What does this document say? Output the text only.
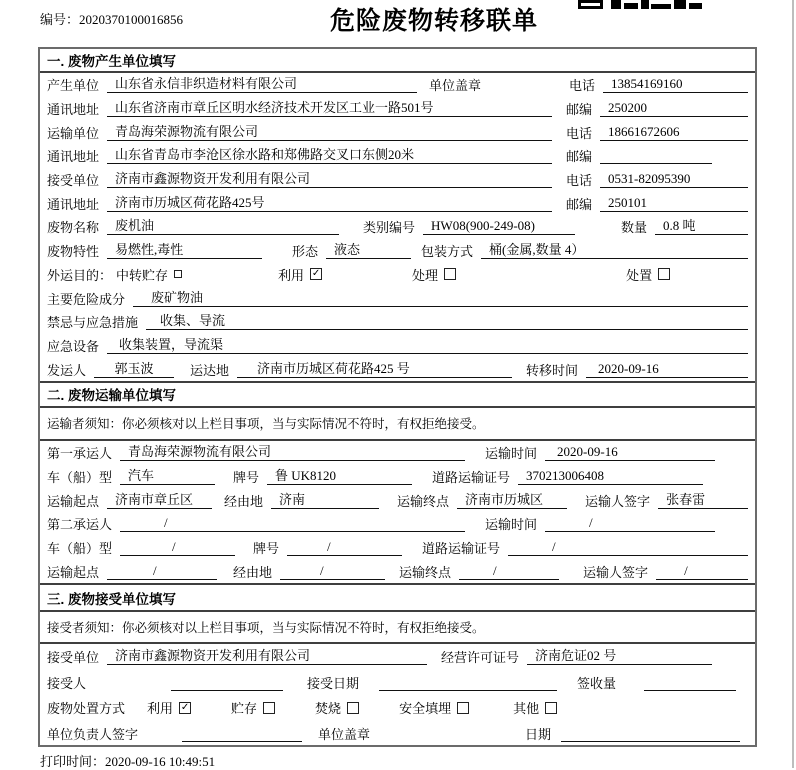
编号：2020370100016856	危险废物转移联单
一. 废物产生单位填写
产生单位	山东省永信非织造材料有限公司	单位盖章	电话	13854169160
通讯地址	山东省济南市章丘区明水经济技术开发区工业一路501号	邮编	250200
运输单位	青岛海荣源物流有限公司	电话	18661672606
通讯地址	山东省青岛市李沧区徐水路和郑佛路交叉口东侧20米	邮编
接受单位	济南市鑫源物资开发利用有限公司	电话	0531-82095390
通讯地址	济南市历城区荷花路425号	邮编	250101
废物名称	废机油	类别编号	HW08(900-249-08)	数量	0.8 吨
废物特性	易燃性,毒性	形态	液态	包装方式	桶(金属,数量 4）
外运目的： 中转贮存	利用 ✓	处理	处置
主要危险成分	废矿物油
禁忌与应急措施	收集、导流
应急设备	收集装置，导流渠
发运人	郭玉波	运达地	济南市历城区荷花路425 号	转移时间	2020-09-16
二. 废物运输单位填写
运输者须知：你必须核对以上栏目事项，当与实际情况不符时，有权拒绝接受。
第一承运人	青岛海荣源物流有限公司	运输时间	2020-09-16
车（船）型	汽车	牌号	鲁 UK8120	道路运输证号	370213006408
运输起点	济南市章丘区	经由地	济南	运输终点	济南市历城区	运输人签字	张春雷
第二承运人	/	运输时间	/
车（船）型	/	牌号	/	道路运输证号	/
运输起点	/	经由地	/	运输终点	/	运输人签字	/
三. 废物接受单位填写
接受者须知：你必须核对以上栏目事项，当与实际情况不符时，有权拒绝接受。
接受单位	济南市鑫源物资开发利用有限公司	经营许可证号	济南危证02 号
接受人	接受日期	签收量
废物处置方式 利用 ✓	贮存	焚烧	安全填埋	其他
单位负责人签字	单位盖章	日期
打印时间：2020-09-16 10:49:51
